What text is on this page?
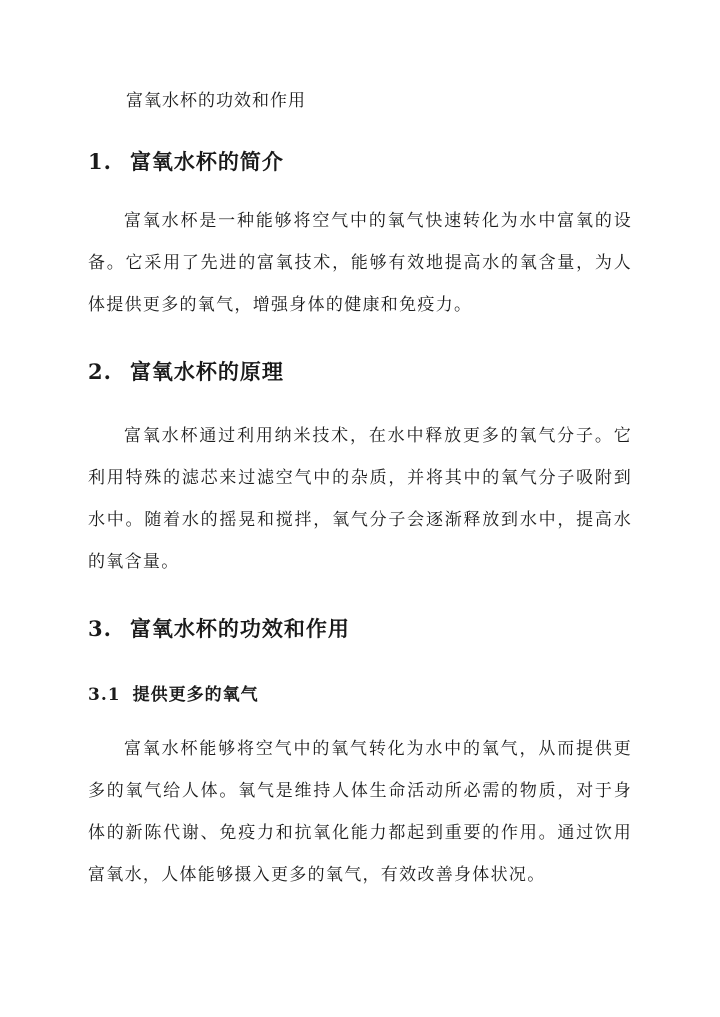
富氧水杯的功效和作用

1. 富氧水杯的简介

富氧水杯是一种能够将空气中的氧气快速转化为水中富氧的设备。它采用了先进的富氧技术，能够有效地提高水的氧含量，为人体提供更多的氧气，增强身体的健康和免疫力。

2. 富氧水杯的原理

富氧水杯通过利用纳米技术，在水中释放更多的氧气分子。它利用特殊的滤芯来过滤空气中的杂质，并将其中的氧气分子吸附到水中。随着水的摇晃和搅拌，氧气分子会逐渐释放到水中，提高水的氧含量。

3. 富氧水杯的功效和作用
3.1 提供更多的氧气

富氧水杯能够将空气中的氧气转化为水中的氧气，从而提供更多的氧气给人体。氧气是维持人体生命活动所必需的物质，对于身体的新陈代谢、免疫力和抗氧化能力都起到重要的作用。通过饮用富氧水，人体能够摄入更多的氧气，有效改善身体状况。
